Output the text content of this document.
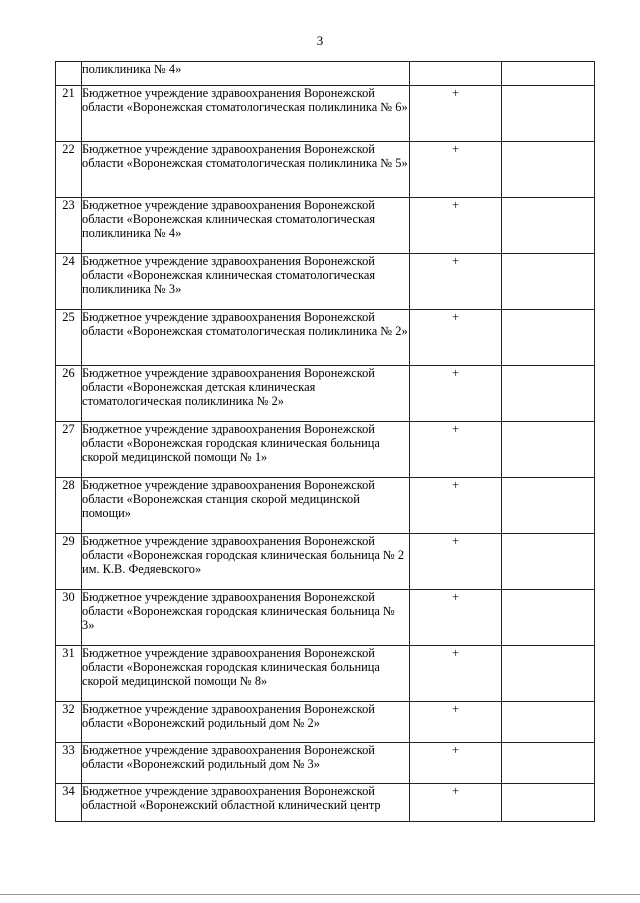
3
	поликлиника № 4»		
21	Бюджетное учреждение здравоохранения Воронежской области «Воронежская стоматологическая поликлиника № 6»	+	
22	Бюджетное учреждение здравоохранения Воронежской области «Воронежская стоматологическая поликлиника № 5»	+	
23	Бюджетное учреждение здравоохранения Воронежской области «Воронежская клиническая стоматологическая поликлиника № 4»	+	
24	Бюджетное учреждение здравоохранения Воронежской области «Воронежская клиническая стоматологическая поликлиника № 3»	+	
25	Бюджетное учреждение здравоохранения Воронежской области «Воронежская стоматологическая поликлиника № 2»	+	
26	Бюджетное учреждение здравоохранения Воронежской области «Воронежская детская клиническая стоматологическая поликлиника № 2»	+	
27	Бюджетное учреждение здравоохранения Воронежской области «Воронежская городская клиническая больница скорой медицинской помощи № 1»	+	
28	Бюджетное учреждение здравоохранения Воронежской области «Воронежская станция скорой медицинской помощи»	+	
29	Бюджетное учреждение здравоохранения Воронежской области «Воронежская городская клиническая больница № 2 им. К.В. Федяевского»	+	
30	Бюджетное учреждение здравоохранения Воронежской области «Воронежская городская клиническая больница № 3»	+	
31	Бюджетное учреждение здравоохранения Воронежской области «Воронежская городская клиническая больница скорой медицинской помощи № 8»	+	
32	Бюджетное учреждение здравоохранения Воронежской области «Воронежский родильный дом № 2»	+	
33	Бюджетное учреждение здравоохранения Воронежской области «Воронежский родильный дом № 3»	+	
34	Бюджетное учреждение здравоохранения Воронежской областной «Воронежский областной клинический центр	+	
